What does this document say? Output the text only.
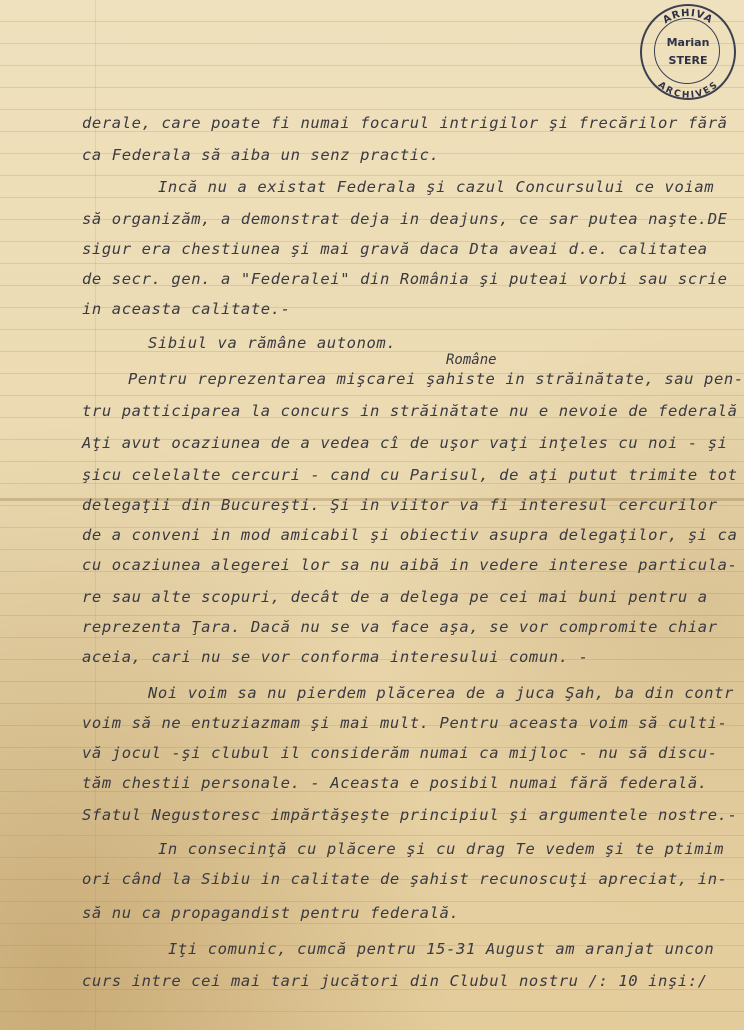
ARHIVA
ARCHIVES
Marian
STERE
Române
derale, care poate fi numai focarul intrigilor şi frecărilor fără
ca Federala să aiba un senz practic.
Incă nu a existat Federala şi cazul Concursului ce voiam
să organizăm, a demonstrat deja in deajuns, ce sar putea naşte.DE
sigur era chestiunea şi mai gravă daca Dta aveai d.e. calitatea
de secr. gen. a "Federalei" din România şi puteai vorbi sau scrie
in aceasta calitate.-
Sibiul va rămâne autonom.
Pentru reprezentarea mişcarei şahiste in străinătate, sau pen-
tru patticiparea la concurs in străinătate nu e nevoie de federală
Aţi avut ocaziunea de a vedea cî de uşor vaţi inţeles cu noi - şi
şicu celelalte cercuri - cand cu Parisul, de aţi putut trimite tot
delegaţii din Bucureşti. Şi in viitor va fi interesul cercurilor
de a conveni in mod amicabil şi obiectiv asupra delegaţilor, şi ca
cu ocaziunea alegerei lor sa nu aibă in vedere interese particula-
re sau alte scopuri, decât de a delega pe cei mai buni pentru a
reprezenta Ţara. Dacă nu se va face aşa, se vor compromite chiar
aceia, cari nu se vor conforma interesului comun. -
Noi voim sa nu pierdem plăcerea de a juca Şah, ba din contr
voim să ne entuziazmam şi mai mult. Pentru aceasta voim să culti-
vă jocul -şi clubul il considerăm numai ca mijloc - nu să discu-
tăm chestii personale. - Aceasta e posibil numai fără federală.
Sfatul Negustoresc impărtăşeşte principiul şi argumentele nostre.-
In consecinţă cu plăcere şi cu drag Te vedem şi te ptimim
ori când la Sibiu in calitate de şahist recunoscuţi apreciat, in-
să nu ca propagandist pentru federală.
Iţi comunic, cumcă pentru 15-31 August am aranjat uncon
curs intre cei mai tari jucători din Clubul nostru /: 10 inşi:/
